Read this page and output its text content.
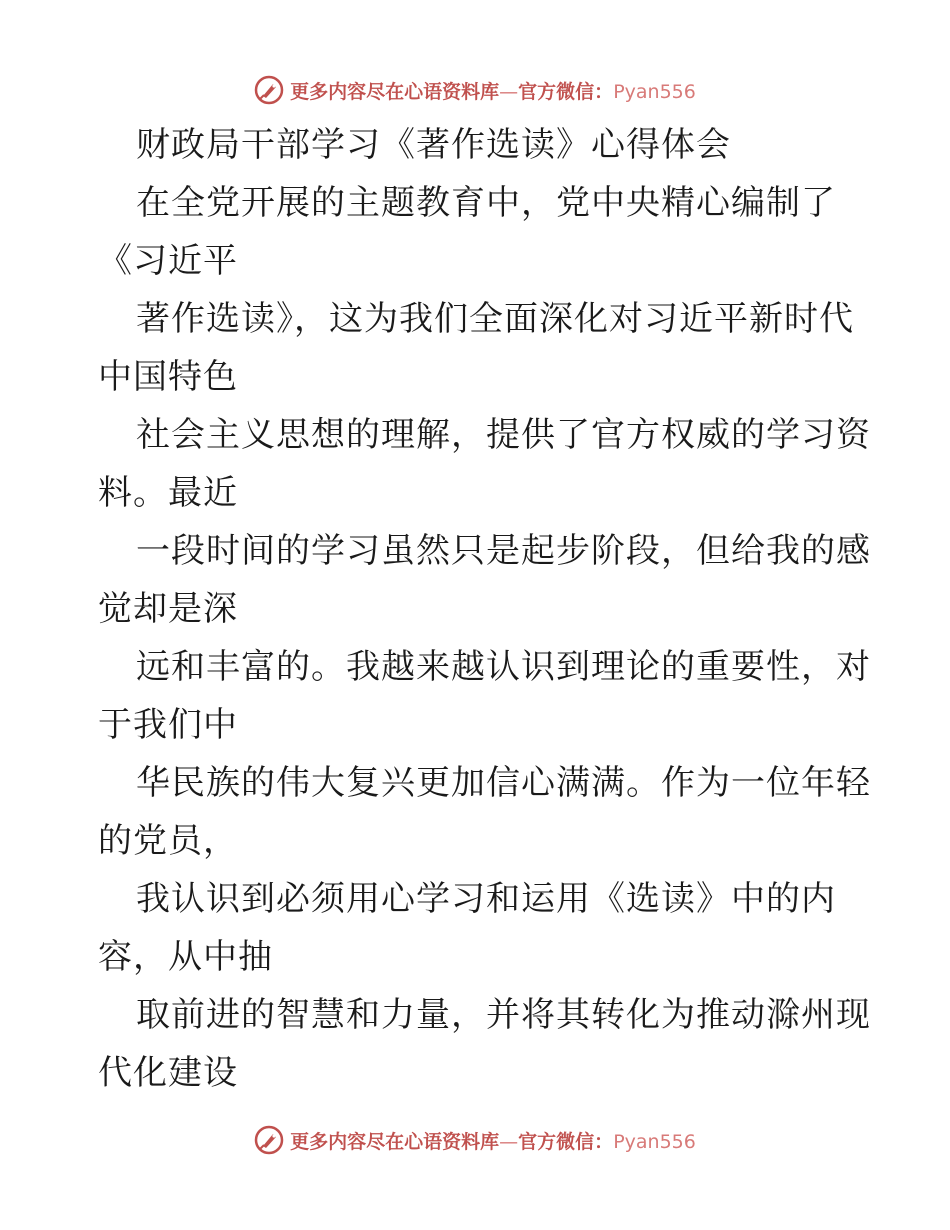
更多内容尽在心语资料库—官方微信：Pyan556
财政局干部学习《著作选读》心得体会
在全党开展的主题教育中，党中央精心编制了
《习近平
著作选读》，这为我们全面深化对习近平新时代
中国特色
社会主义思想的理解，提供了官方权威的学习资
料。最近
一段时间的学习虽然只是起步阶段，但给我的感
觉却是深
远和丰富的。我越来越认识到理论的重要性，对
于我们中
华民族的伟大复兴更加信心满满。作为一位年轻
的党员，
我认识到必须用心学习和运用《选读》中的内
容，从中抽
取前进的智慧和力量，并将其转化为推动滁州现
代化建设
更多内容尽在心语资料库—官方微信：Pyan556
